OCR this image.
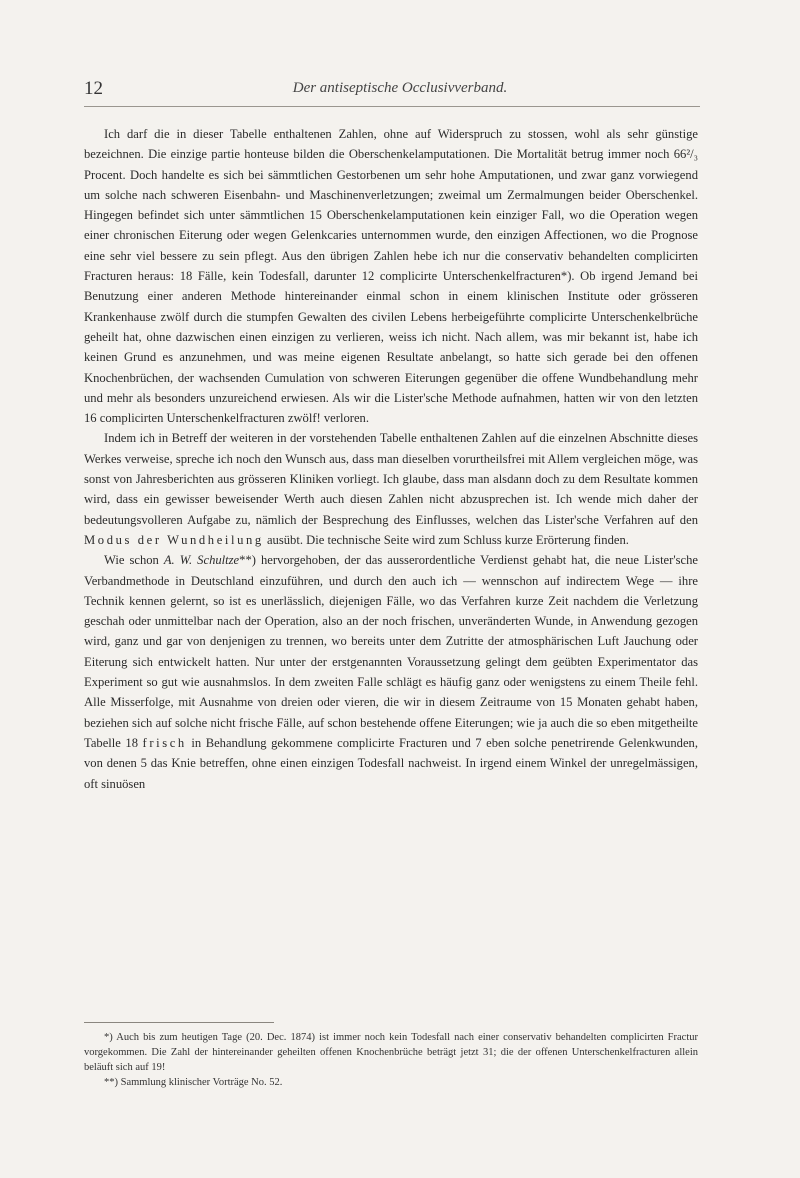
12	Der antiseptische Occlusivverband.

Ich darf die in dieser Tabelle enthaltenen Zahlen, ohne auf Widerspruch zu stossen, wohl als sehr günstige bezeichnen. Die einzige partie honteuse bilden die Oberschenkelamputationen. Die Mortalität betrug immer noch 66²/₃ Procent. Doch handelte es sich bei sämmtlichen Gestorbenen um sehr hohe Amputationen, und zwar ganz vorwiegend um solche nach schweren Eisenbahn- und Maschinenverletzungen; zweimal um Zermalmungen beider Oberschenkel. Hingegen befindet sich unter sämmtlichen 15 Oberschenkelamputationen kein einziger Fall, wo die Operation wegen einer chronischen Eiterung oder wegen Gelenkcaries unternommen wurde, den einzigen Affectionen, wo die Prognose eine sehr viel bessere zu sein pflegt. Aus den übrigen Zahlen hebe ich nur die conservativ behandelten complicirten Fracturen heraus: 18 Fälle, kein Todesfall, darunter 12 complicirte Unterschenkelfracturen*). Ob irgend Jemand bei Benutzung einer anderen Methode hintereinander einmal schon in einem klinischen Institute oder grösseren Krankenhause zwölf durch die stumpfen Gewalten des civilen Lebens herbeigeführte complicirte Unterschenkelbrüche geheilt hat, ohne dazwischen einen einzigen zu verlieren, weiss ich nicht. Nach allem, was mir bekannt ist, habe ich keinen Grund es anzunehmen, und was meine eigenen Resultate anbelangt, so hatte sich gerade bei den offenen Knochenbrüchen, der wachsenden Cumulation von schweren Eiterungen gegenüber die offene Wundbehandlung mehr und mehr als besonders unzureichend erwiesen. Als wir die Lister'sche Methode aufnahmen, hatten wir von den letzten 16 complicirten Unterschenkelfracturen zwölf! verloren.

Indem ich in Betreff der weiteren in der vorstehenden Tabelle enthaltenen Zahlen auf die einzelnen Abschnitte dieses Werkes verweise, spreche ich noch den Wunsch aus, dass man dieselben vorurtheilsfrei mit Allem vergleichen möge, was sonst von Jahresberichten aus grösseren Kliniken vorliegt. Ich glaube, dass man alsdann doch zu dem Resultate kommen wird, dass ein gewisser beweisender Werth auch diesen Zahlen nicht abzusprechen ist. Ich wende mich daher der bedeutungsvolleren Aufgabe zu, nämlich der Besprechung des Einflusses, welchen das Lister'sche Verfahren auf den Modus der Wundheilung ausübt. Die technische Seite wird zum Schluss kurze Erörterung finden.

Wie schon A. W. Schultze**) hervorgehoben, der das ausserordentliche Verdienst gehabt hat, die neue Lister'sche Verbandmethode in Deutschland einzuführen, und durch den auch ich — wennschon auf indirectem Wege — ihre Technik kennen gelernt, so ist es unerlässlich, diejenigen Fälle, wo das Verfahren kurze Zeit nachdem die Verletzung geschah oder unmittelbar nach der Operation, also an der noch frischen, unveränderten Wunde, in Anwendung gezogen wird, ganz und gar von denjenigen zu trennen, wo bereits unter dem Zutritte der atmosphärischen Luft Jauchung oder Eiterung sich entwickelt hatten. Nur unter der erstgenannten Voraussetzung gelingt dem geübten Experimentator das Experiment so gut wie ausnahmslos. In dem zweiten Falle schlägt es häufig ganz oder wenigstens zu einem Theile fehl. Alle Misserfolge, mit Ausnahme von dreien oder vieren, die wir in diesem Zeitraume von 15 Monaten gehabt haben, beziehen sich auf solche nicht frische Fälle, auf schon bestehende offene Eiterungen; wie ja auch die so eben mitgetheilte Tabelle 18 frisch in Behandlung gekommene complicirte Fracturen und 7 eben solche penetrirende Gelenkwunden, von denen 5 das Knie betreffen, ohne einen einzigen Todesfall nachweist. In irgend einem Winkel der unregelmässigen, oft sinuösen

*) Auch bis zum heutigen Tage (20. Dec. 1874) ist immer noch kein Todesfall nach einer conservativ behandelten complicirten Fractur vorgekommen. Die Zahl der hintereinander geheilten offenen Knochenbrüche beträgt jetzt 31; die der offenen Unterschenkelfracturen allein beläuft sich auf 19!

**) Sammlung klinischer Vorträge No. 52.
